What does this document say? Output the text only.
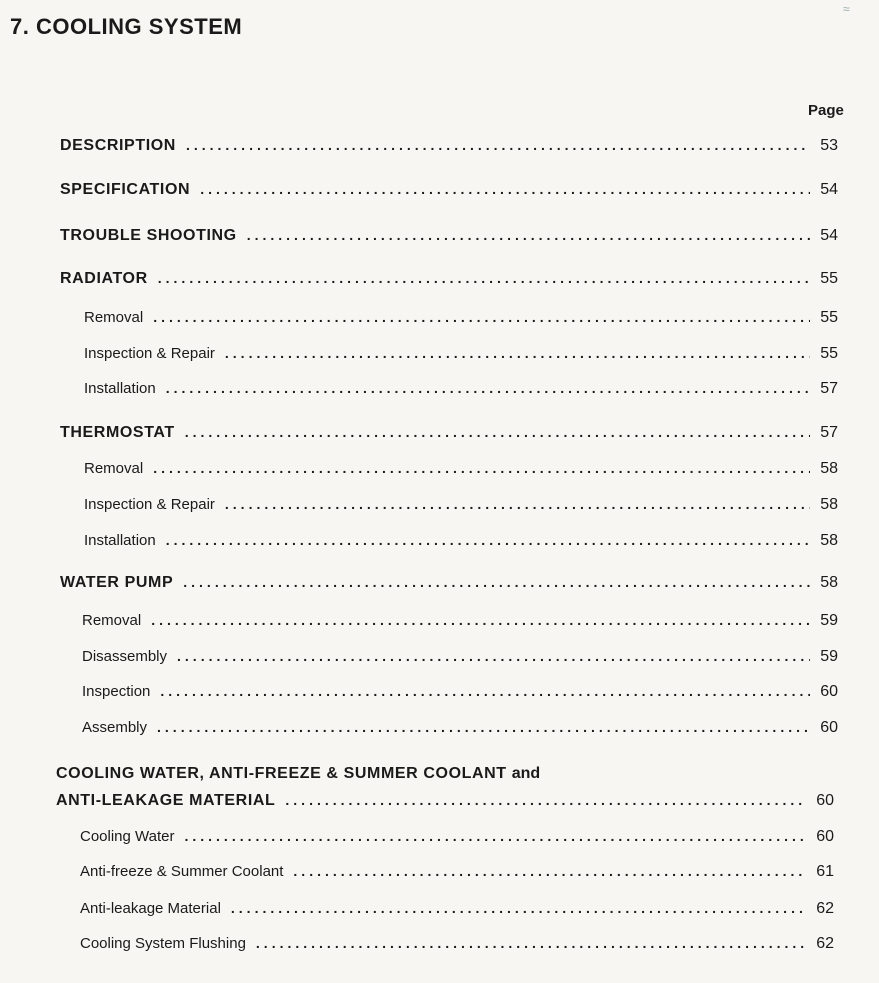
≈
7. COOLING SYSTEM
Page
DESCRIPTION .....	53
SPECIFICATION .....	54
TROUBLE SHOOTING .....	54
RADIATOR .....	55
Removal .....	55
Inspection & Repair .....	55
Installation .....	57
THERMOSTAT .....	57
Removal .....	58
Inspection & Repair .....	58
Installation .....	58
WATER PUMP .....	58
Removal .....	59
Disassembly .....	59
Inspection .....	60
Assembly .....	60
COOLING WATER, ANTI-FREEZE & SUMMER COOLANT and
ANTI-LEAKAGE MATERIAL .....	60
Cooling Water .....	60
Anti-freeze & Summer Coolant .....	61
Anti-leakage Material .....	62
Cooling System Flushing .....	62
